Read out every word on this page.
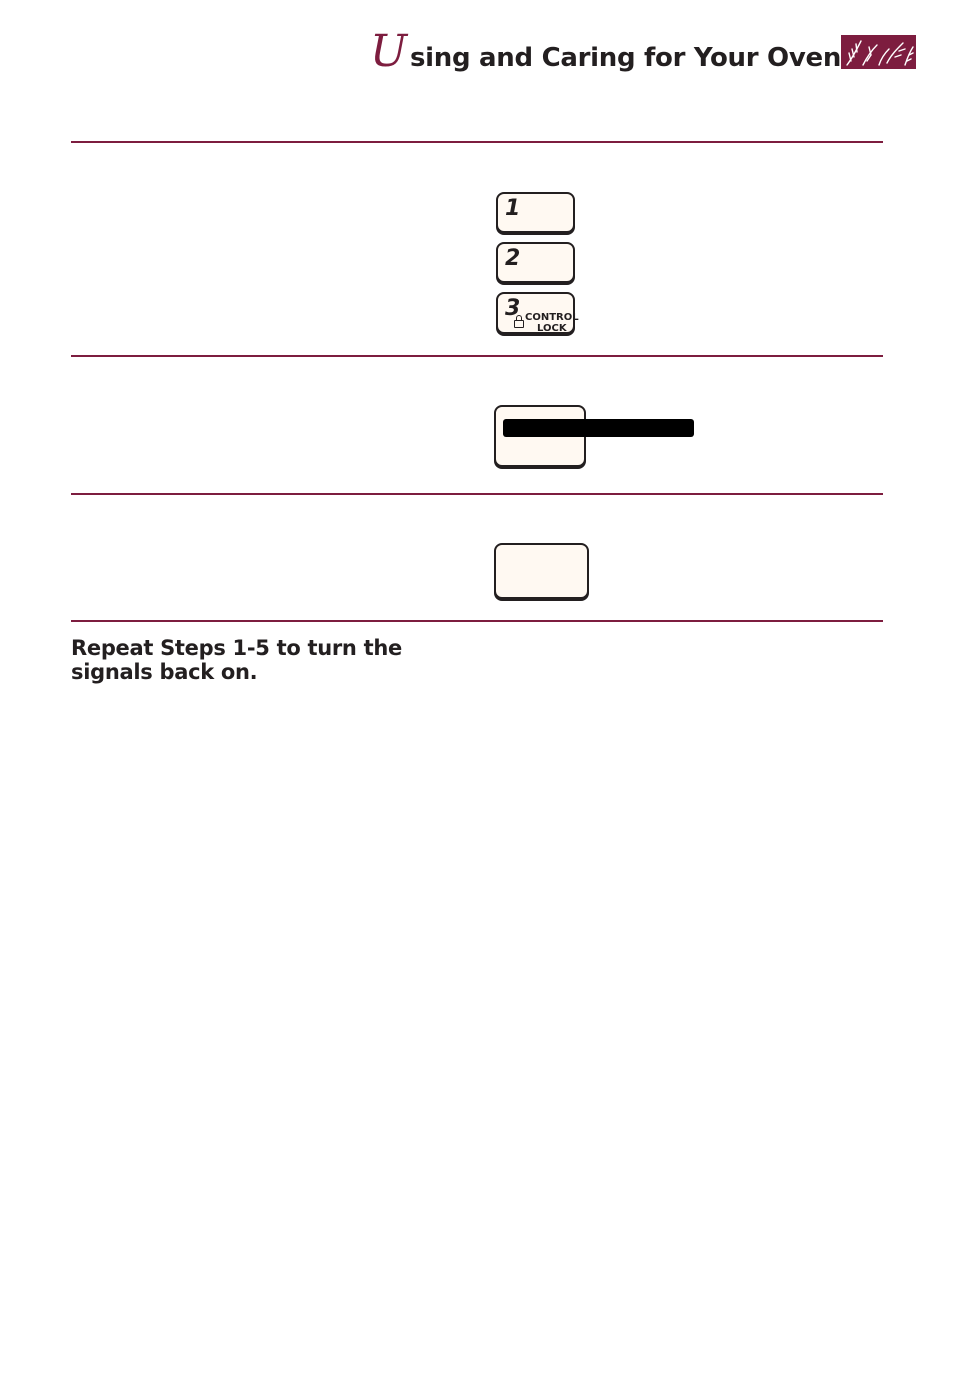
U sing and Caring for Your Oven
1
2
3 CONTROL
LOCK
Repeat Steps 1-5 to turn the signals back on.
